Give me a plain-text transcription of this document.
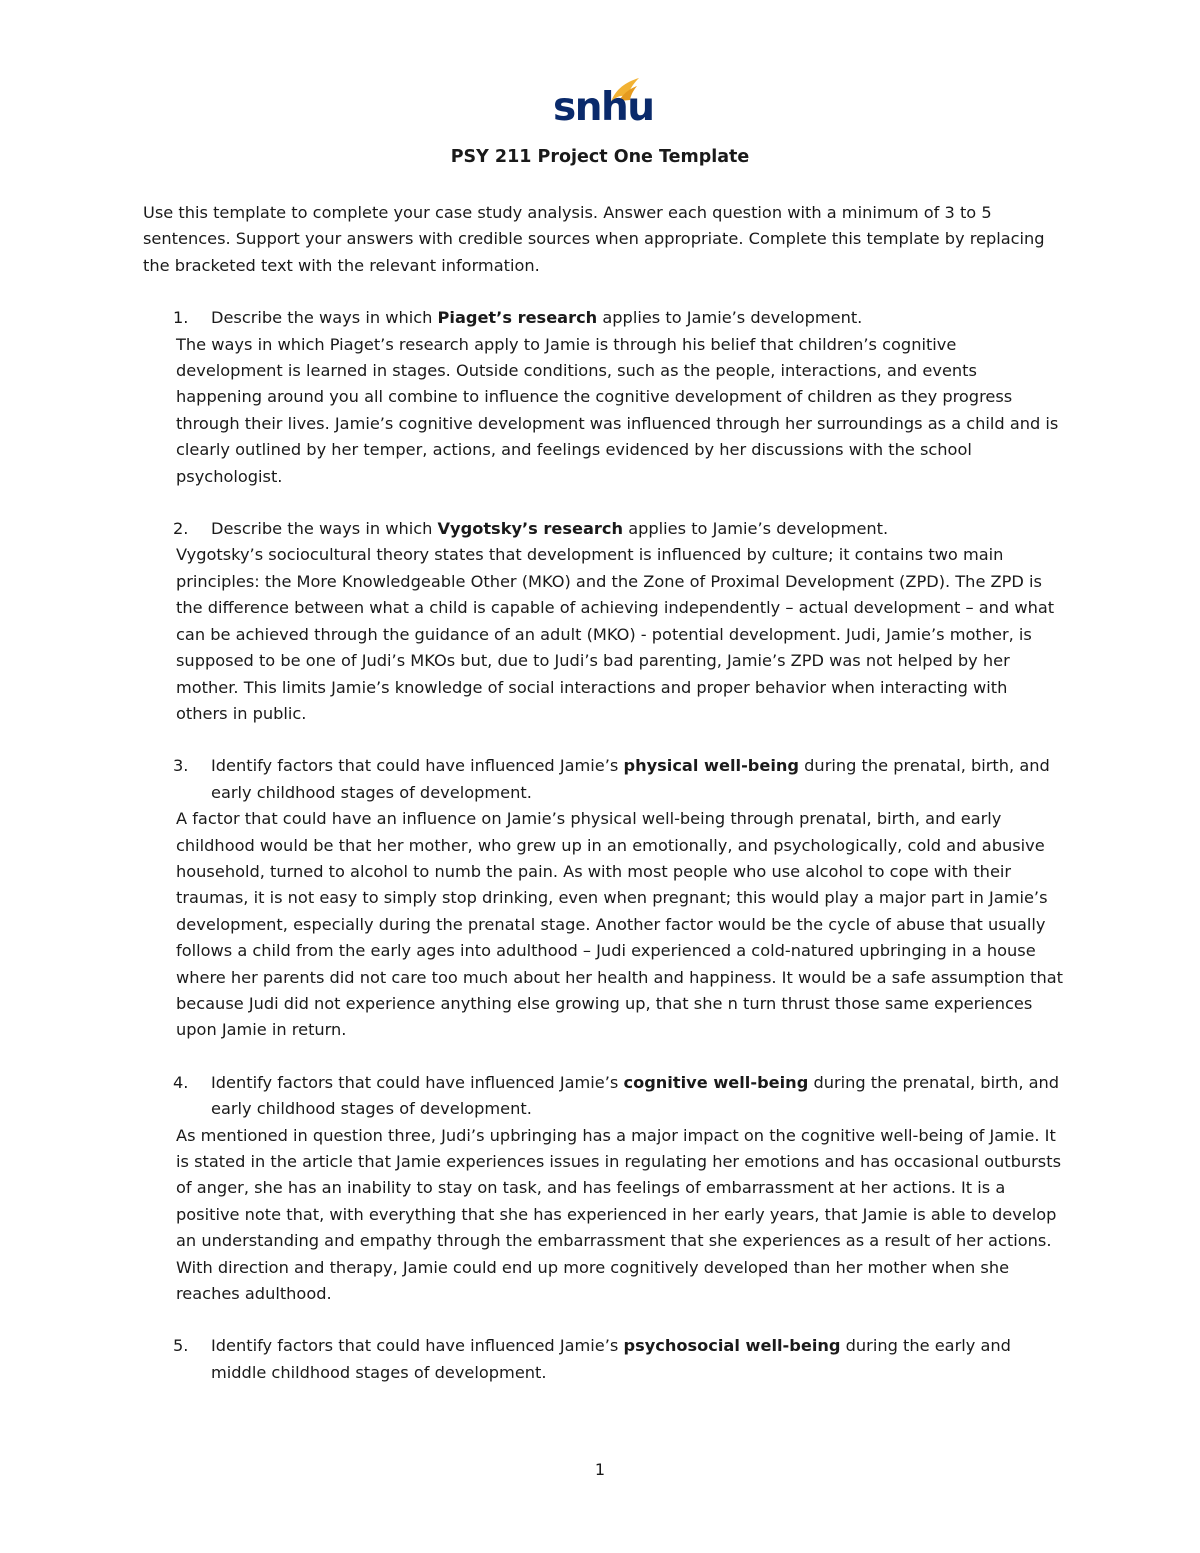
snhu
PSY 211 Project One Template

Use this template to complete your case study analysis. Answer each question with a minimum of 3 to 5 sentences. Support your answers with credible sources when appropriate. Complete this template by replacing the bracketed text with the relevant information.

1. Describe the ways in which Piaget’s research applies to Jamie’s development.

The ways in which Piaget’s research apply to Jamie is through his belief that children’s cognitive development is learned in stages. Outside conditions, such as the people, interactions, and events happening around you all combine to influence the cognitive development of children as they progress through their lives. Jamie’s cognitive development was influenced through her surroundings as a child and is clearly outlined by her temper, actions, and feelings evidenced by her discussions with the school psychologist.

2. Describe the ways in which Vygotsky’s research applies to Jamie’s development.

Vygotsky’s sociocultural theory states that development is influenced by culture; it contains two main principles: the More Knowledgeable Other (MKO) and the Zone of Proximal Development (ZPD). The ZPD is the difference between what a child is capable of achieving independently – actual development – and what can be achieved through the guidance of an adult (MKO) - potential development. Judi, Jamie’s mother, is supposed to be one of Judi’s MKOs but, due to Judi’s bad parenting, Jamie’s ZPD was not helped by her mother. This limits Jamie’s knowledge of social interactions and proper behavior when interacting with others in public.

3. Identify factors that could have influenced Jamie’s physical well-being during the prenatal, birth, and early childhood stages of development.

A factor that could have an influence on Jamie’s physical well-being through prenatal, birth, and early childhood would be that her mother, who grew up in an emotionally, and psychologically, cold and abusive household, turned to alcohol to numb the pain. As with most people who use alcohol to cope with their traumas, it is not easy to simply stop drinking, even when pregnant; this would play a major part in Jamie’s development, especially during the prenatal stage. Another factor would be the cycle of abuse that usually follows a child from the early ages into adulthood – Judi experienced a cold-natured upbringing in a house where her parents did not care too much about her health and happiness. It would be a safe assumption that because Judi did not experience anything else growing up, that she n turn thrust those same experiences upon Jamie in return.

4. Identify factors that could have influenced Jamie’s cognitive well-being during the prenatal, birth, and early childhood stages of development.

As mentioned in question three, Judi’s upbringing has a major impact on the cognitive well-being of Jamie. It is stated in the article that Jamie experiences issues in regulating her emotions and has occasional outbursts of anger, she has an inability to stay on task, and has feelings of embarrassment at her actions. It is a positive note that, with everything that she has experienced in her early years, that Jamie is able to develop an understanding and empathy through the embarrassment that she experiences as a result of her actions. With direction and therapy, Jamie could end up more cognitively developed than her mother when she reaches adulthood.

5. Identify factors that could have influenced Jamie’s psychosocial well-being during the early and middle childhood stages of development.
1
